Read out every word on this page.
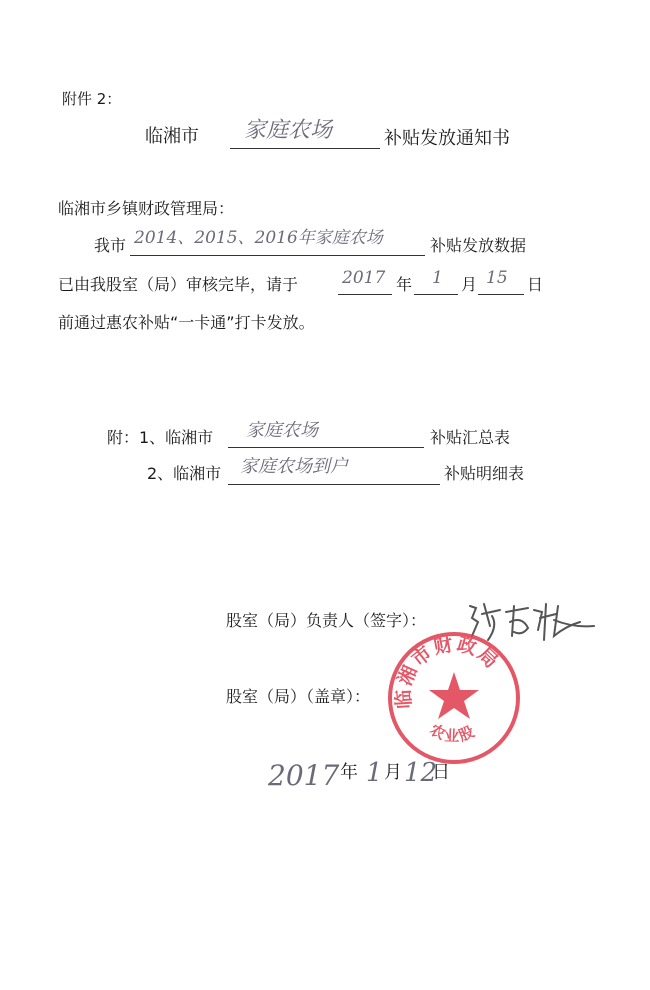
附件 2：
临湘市 家庭农场	补贴发放通知书
临湘市乡镇财政管理局：
我市 2014、2015、2016年家庭农场	补贴发放数据
已由我股室（局）审核完毕，请于	2017 年 1 月 15 日
前通过惠农补贴“一卡通”打卡发放。
附：1、临湘市 家庭农场	补贴汇总表
2、临湘市 家庭农场到户	补贴明细表
股室（局）负责人（签字）：
股室（局）（盖章）： 临湘市财政局
农业股
2017 年 1 月 12
日
